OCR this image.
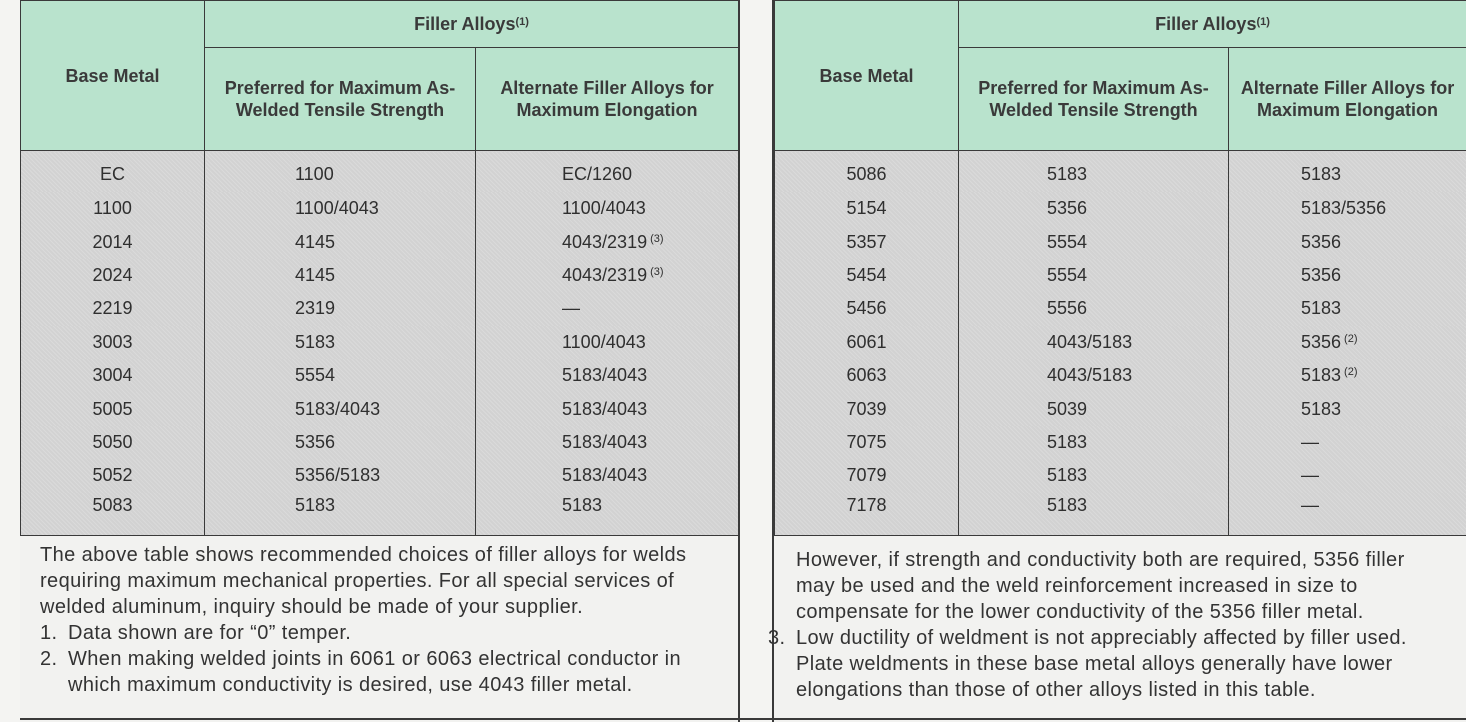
Base Metal	Filler Alloys$^{(1)}$
	Preferred for Maximum As-Welded Tensile Strength	Alternate Filler Alloys for Maximum Elongation
EC	1100	EC/1260
1100	1100/4043	1100/4043
2014	4145	4043/2319 $^{(3)}$
2024	4145	4043/2319 $^{(3)}$
2219	2319	—
3003	5183	1100/4043
3004	5554	5183/4043
5005	5183/4043	5183/4043
5050	5356	5183/4043
5052	5356/5183	5183/4043
5083	5183	5183
Base Metal	Filler Alloys$^{(1)}$
	Preferred for Maximum As-Welded Tensile Strength	Alternate Filler Alloys for Maximum Elongation
5086	5183	5183
5154	5356	5183/5356
5357	5554	5356
5454	5554	5356
5456	5556	5183
6061	4043/5183	5356 $^{(2)}$
6063	4043/5183	5183 $^{(2)}$
7039	5039	5183
7075	5183	—
7079	5183	—
7178	5183	—

The above table shows recommended choices of filler alloys for welds requiring maximum mechanical properties. For all special services of welded aluminum, inquiry should be made of your supplier.

1. Data shown are for “0” temper.
2. When making welded joints in 6061 or 6063 electrical conductor in which maximum conductivity is desired, use 4043 filler metal.

However, if strength and conductivity both are required, 5356 filler may be used and the weld reinforcement increased in size to compensate for the lower conductivity of the 5356 filler metal.

3. Low ductility of weldment is not appreciably affected by filler used. Plate weldments in these base metal alloys generally have lower elongations than those of other alloys listed in this table.
